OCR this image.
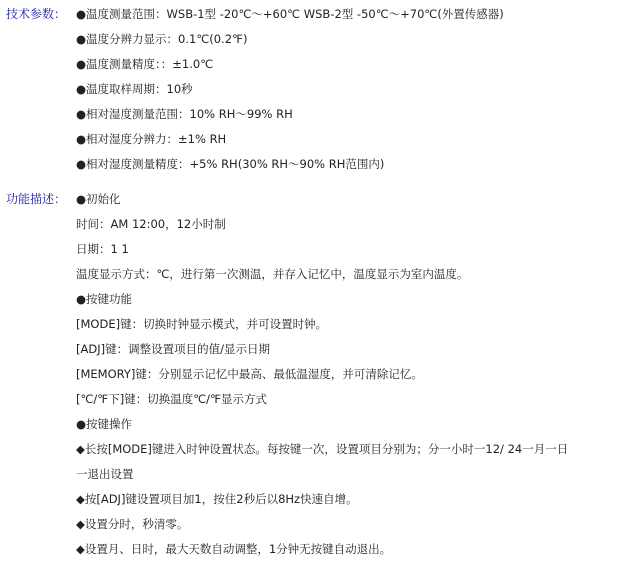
技术参数： ●温度测量范围：WSB-1型 -20℃～+60℃ WSB-2型 -50℃～+70℃(外置传感器)
●温度分辨力显示：0.1℃(0.2℉)
●温度测量精度：：±1.0℃
●温度取样周期：10秒
●相对湿度测量范围：10% RH～99% RH
●相对湿度分辨力：±1% RH
●相对湿度测量精度：+5% RH(30% RH～90% RH范围内)
功能描述： ●初始化
时间：AM 12:00，12小时制
日期：1 1
温度显示方式：℃，进行第一次测温，并存入记忆中，温度显示为室内温度。
●按键功能
[MODE]键：切换时钟显示模式，并可设置时钟。
[ADJ]键：调整设置项目的值/显示日期
[MEMORY]键：分别显示记忆中最高、最低温湿度，并可清除记忆。
[℃/℉下]键：切换温度℃/℉显示方式
●按键操作
◆长按[MODE]键进入时钟设置状态。每按键一次，设置项目分别为；分一小时一12/ 24一月一日
一退出设置
◆按[ADJ]键设置项目加1，按住2秒后以8Hz快速自增。
◆设置分时，秒清零。
◆设置月、日时，最大天数自动调整，1分钟无按键自动退出。
